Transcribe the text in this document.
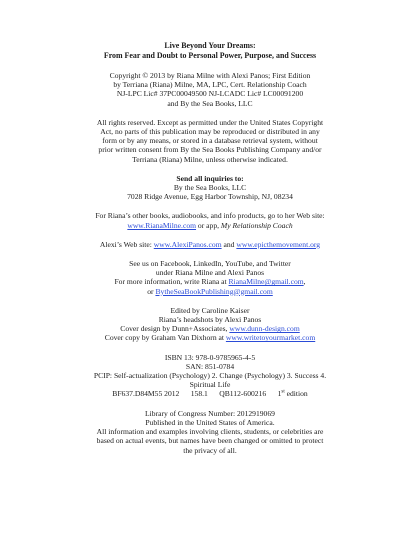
Live Beyond Your Dreams:
From Fear and Doubt to Personal Power, Purpose, and Success
Copyright © 2013 by Riana Milne with Alexi Panos; First Edition
by Terriana (Riana) Milne, MA, LPC, Cert. Relationship Coach
NJ-LPC Lic# 37PC00049500 NJ-LCADC Lic# LC00091200
and By the Sea Books, LLC
All rights reserved. Except as permitted under the United States Copyright
Act, no parts of this publication may be reproduced or distributed in any
form or by any means, or stored in a database retrieval system, without
prior written consent from By the Sea Books Publishing Company and/or
Terriana (Riana) Milne, unless otherwise indicated.
Send all inquiries to:
By the Sea Books, LLC
7028 Ridge Avenue, Egg Harbor Township, NJ, 08234
For Riana’s other books, audiobooks, and info products, go to her Web site:
www.RianaMilne.com or app, My Relationship Coach
Alexi’s Web site: www.AlexiPanos.com and www.epicthemovement.org
See us on Facebook, LinkedIn, YouTube, and Twitter
under Riana Milne and Alexi Panos
For more information, write Riana at RianaMilne@gmail.com,
or BytheSeaBookPublishing@gmail.com
Edited by Caroline Kaiser
Riana’s headshots by Alexi Panos
Cover design by Dunn+Associates, www.dunn-design.com
Cover copy by Graham Van Dixhorn at www.writetoyourmarket.com
ISBN 13: 978-0-9785965-4-5
SAN: 851-0784
PCIP: Self-actualization (Psychology) 2. Change (Psychology) 3. Success 4.
Spiritual Life
BF637.D84M55 2012      158.1      QB112-600216      1st edition
Library of Congress Number: 2012919069
Published in the United States of America.
All information and examples involving clients, students, or celebrities are
based on actual events, but names have been changed or omitted to protect
the privacy of all.
